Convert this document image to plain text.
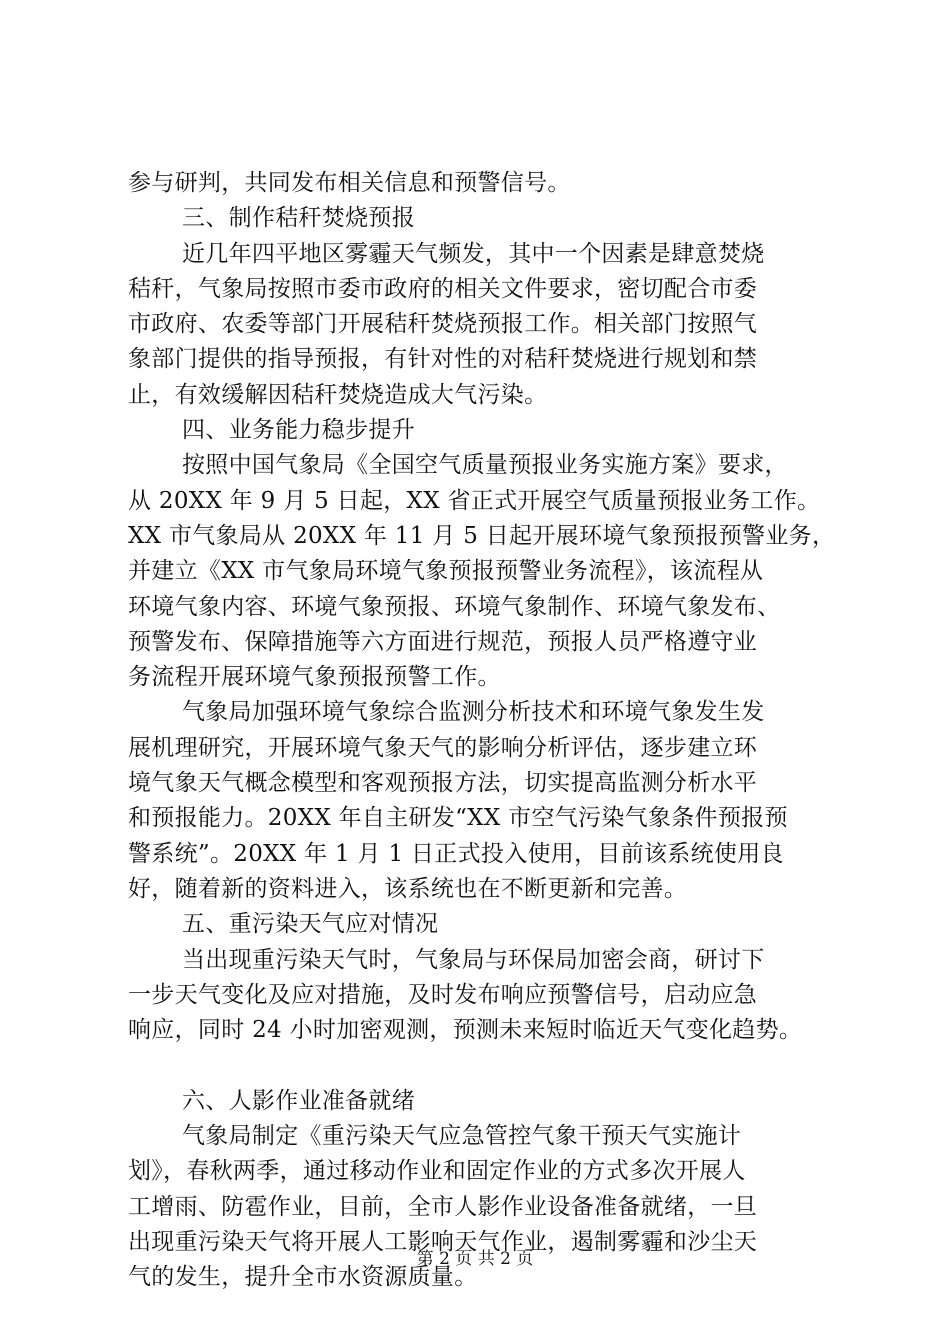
参与研判，共同发布相关信息和预警信号。
三、制作秸秆焚烧预报
近几年四平地区雾霾天气频发，其中一个因素是肆意焚烧
秸秆，气象局按照市委市政府的相关文件要求，密切配合市委
市政府、农委等部门开展秸秆焚烧预报工作。相关部门按照气
象部门提供的指导预报，有针对性的对秸秆焚烧进行规划和禁
止，有效缓解因秸秆焚烧造成大气污染。
四、业务能力稳步提升
按照中国气象局《全国空气质量预报业务实施方案》要求，
从 20XX 年 9 月 5 日起，XX 省正式开展空气质量预报业务工作。
XX 市气象局从 20XX 年 11 月 5 日起开展环境气象预报预警业务，
并建立《XX 市气象局环境气象预报预警业务流程》，该流程从
环境气象内容、环境气象预报、环境气象制作、环境气象发布、
预警发布、保障措施等六方面进行规范，预报人员严格遵守业
务流程开展环境气象预报预警工作。
气象局加强环境气象综合监测分析技术和环境气象发生发
展机理研究，开展环境气象天气的影响分析评估，逐步建立环
境气象天气概念模型和客观预报方法，切实提高监测分析水平
和预报能力。20XX 年自主研发“XX 市空气污染气象条件预报预
警系统”。20XX 年 1 月 1 日正式投入使用，目前该系统使用良
好，随着新的资料进入，该系统也在不断更新和完善。
五、重污染天气应对情况
当出现重污染天气时，气象局与环保局加密会商，研讨下
一步天气变化及应对措施，及时发布响应预警信号，启动应急
响应，同时 24 小时加密观测，预测未来短时临近天气变化趋势。
六、人影作业准备就绪
气象局制定《重污染天气应急管控气象干预天气实施计
划》，春秋两季，通过移动作业和固定作业的方式多次开展人
工增雨、防雹作业，目前，全市人影作业设备准备就绪，一旦
出现重污染天气将开展人工影响天气作业，遏制雾霾和沙尘天
气的发生，提升全市水资源质量。
第 2 页 共 2 页
